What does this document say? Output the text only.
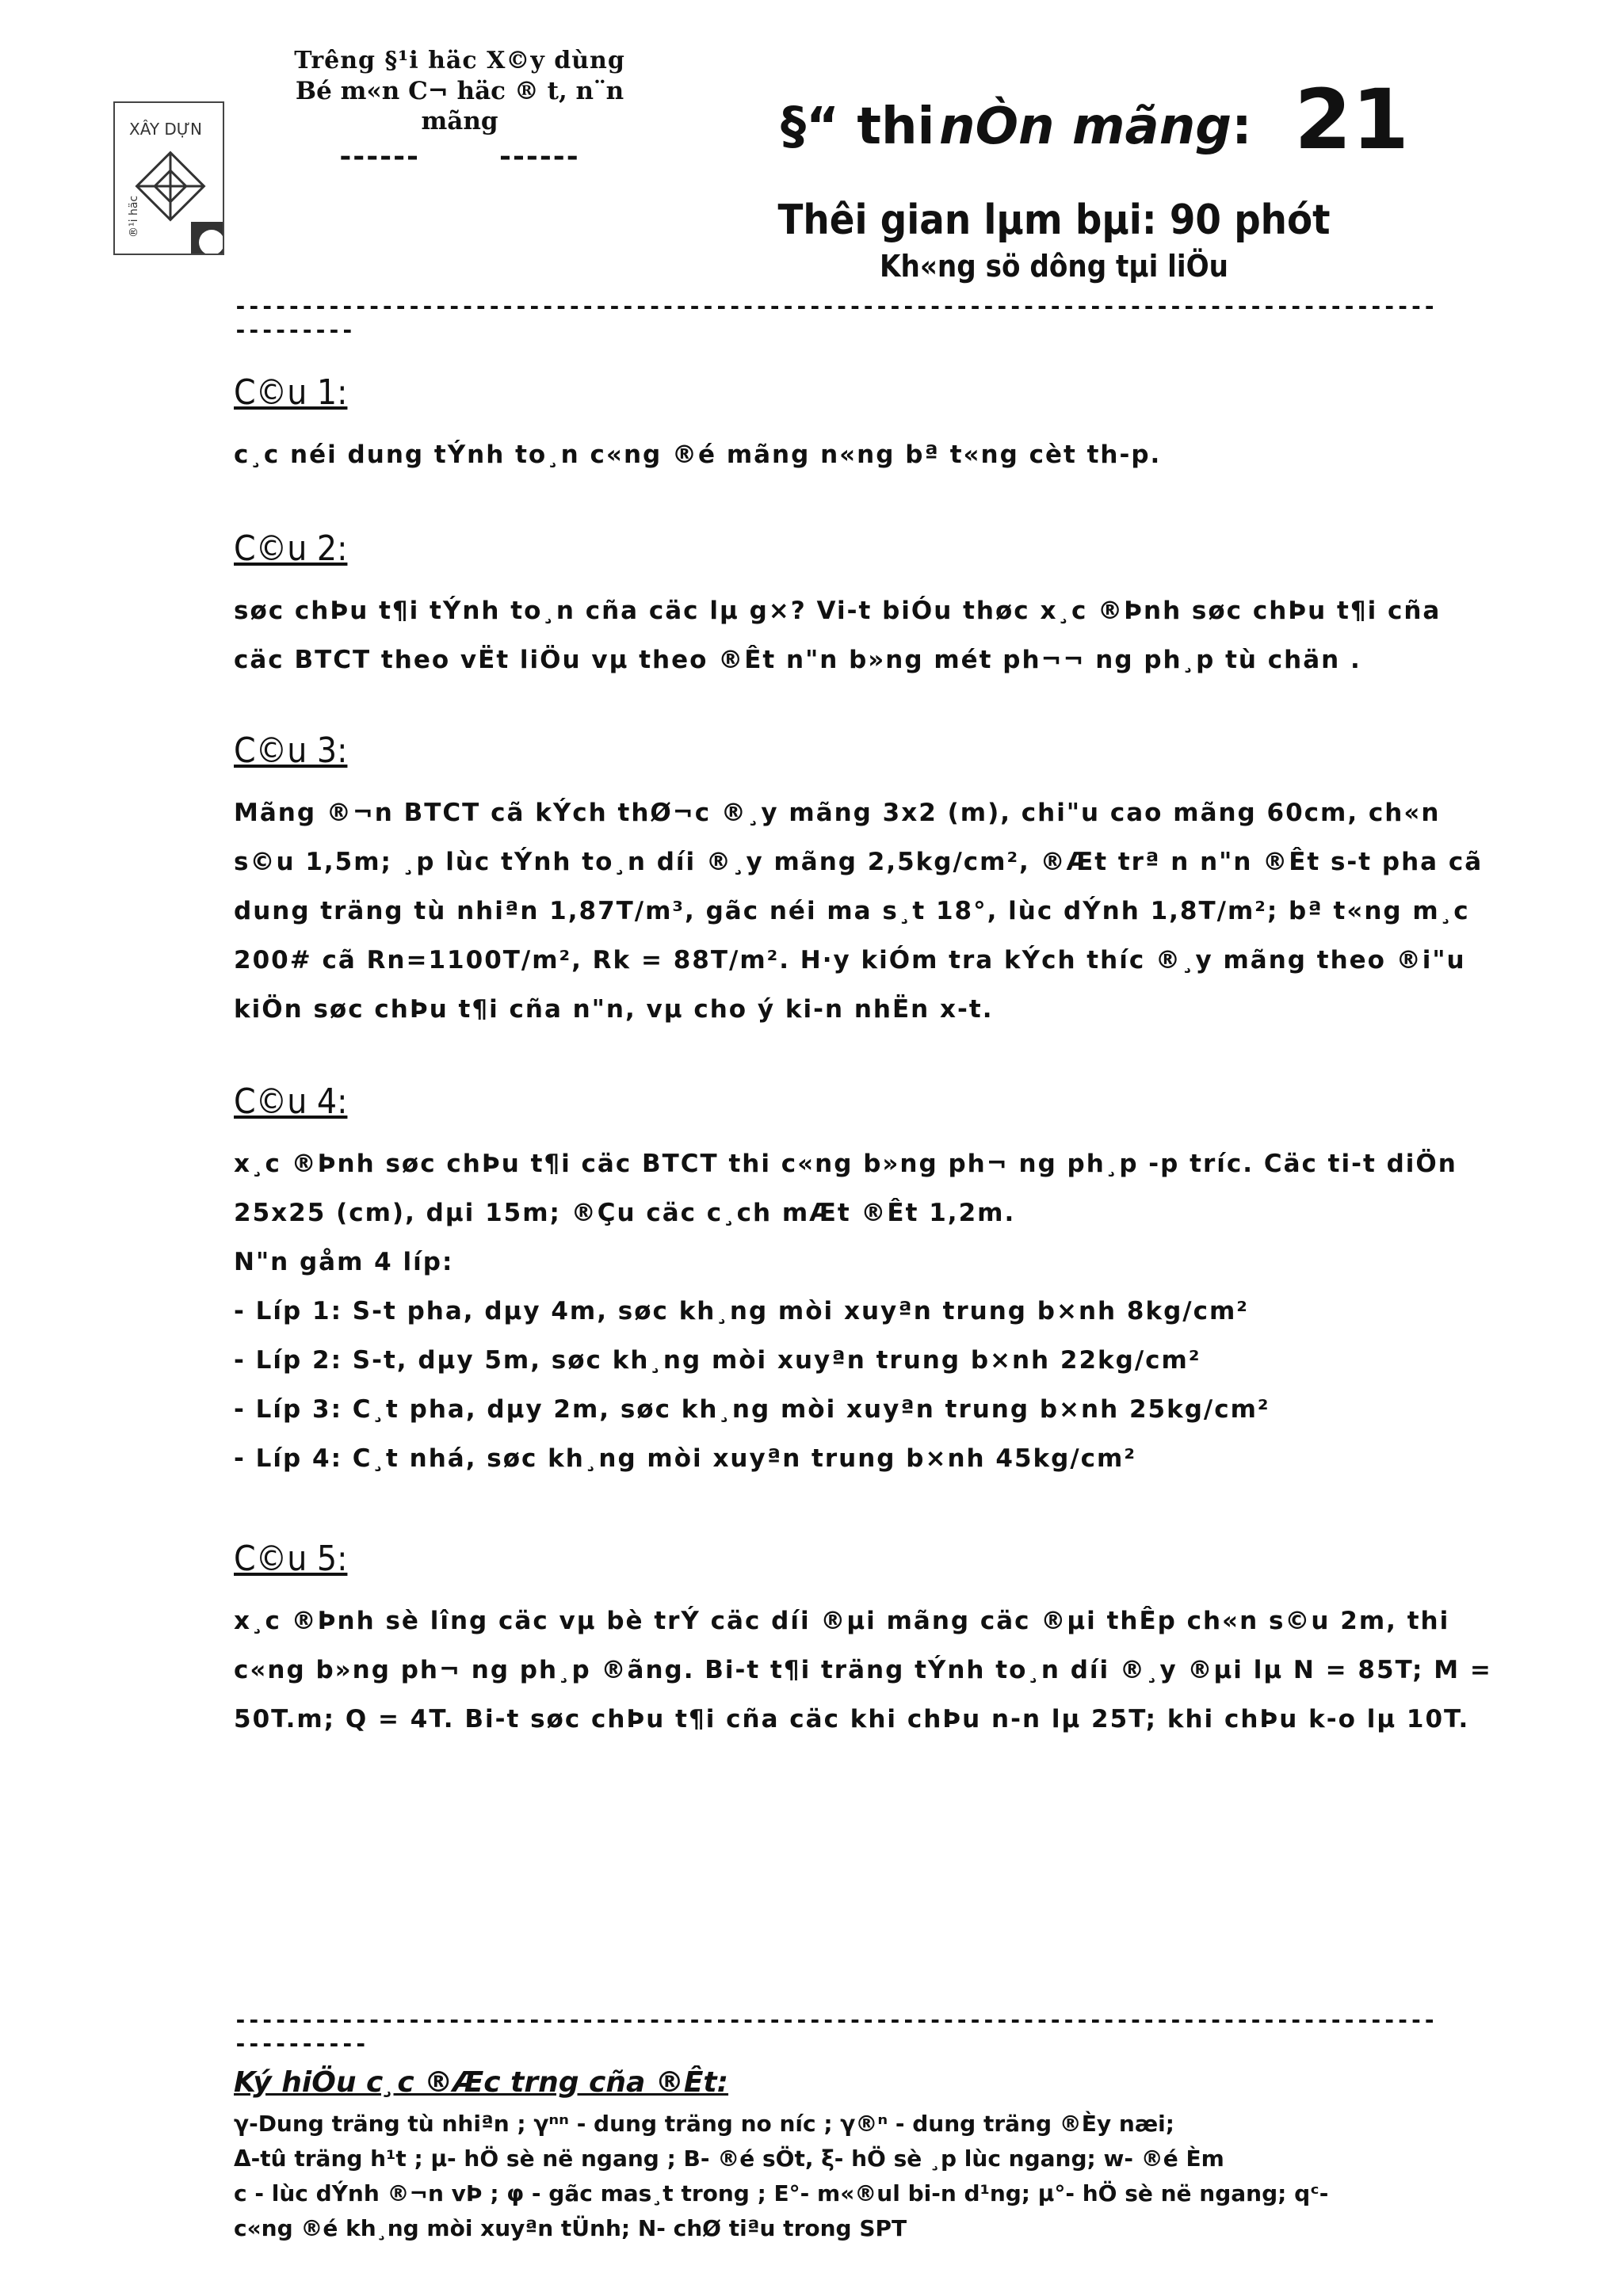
XÂY DỰN
®¹i häc
Trêng §¹i häc X©y dùng
Bé m«n C¬ häc ® t, n¨n mãng
------	------	§“ thi nÒn mãng: 21
Thêi gian lµm bµi: 90 phót
Kh«ng sö dông tµi liÖu
---------------------------------------------------------------------------------------------------
C©u 1:
c¸c néi dung tÝnh to¸n c«ng ®é mãng n«ng bª t«ng cèt th-p.
C©u 2:
søc chÞu t¶i tÝnh to¸n cña cäc lµ g×? Vi-t biÓu thøc x¸c ®Þnh søc chÞu t¶i cña
cäc BTCT theo vËt liÖu vµ theo ®Êt n"n b»ng mét ph¬¬ ng ph¸p tù chän .
C©u 3:
Mãng ®¬n BTCT cã kÝch thØ¬c ®¸y mãng 3x2 (m), chi"u cao mãng 60cm, ch«n
s©u 1,5m; ¸p lùc tÝnh to¸n díi ®¸y mãng 2,5kg/cm², ®Æt trª n n"n ®Êt s-t pha cã
dung träng tù nhiªn 1,87T/m³, gãc néi ma s¸t 18°, lùc dÝnh 1,8T/m²; bª t«ng m¸c
200# cã Rn=1100T/m², Rk = 88T/m². H·y kiÓm tra kÝch thíc ®¸y mãng theo ®i"u
kiÖn søc chÞu t¶i cña n"n, vµ cho ý ki-n nhËn x-t.
C©u 4:
x¸c ®Þnh søc chÞu t¶i cäc BTCT thi c«ng b»ng ph¬ ng ph¸p -p tríc. Cäc ti-t diÖn
25x25 (cm), dµi 15m; ®Çu cäc c¸ch mÆt ®Êt 1,2m.
N"n gåm 4 líp:
- Líp 1: S-t pha, dµy 4m, søc kh¸ng mòi xuyªn trung b×nh 8kg/cm²
- Líp 2: S-t, dµy 5m, søc kh¸ng mòi xuyªn trung b×nh 22kg/cm²
- Líp 3: C¸t pha, dµy 2m, søc kh¸ng mòi xuyªn trung b×nh 25kg/cm²
- Líp 4: C¸t nhá, søc kh¸ng mòi xuyªn trung b×nh 45kg/cm²
C©u 5:
x¸c ®Þnh sè lîng cäc vµ bè trÝ cäc díi ®µi mãng cäc ®µi thÊp ch«n s©u 2m, thi
c«ng b»ng ph¬ ng ph¸p ®ãng. Bi-t t¶i träng tÝnh to¸n díi ®¸y ®µi lµ N = 85T; M =
50T.m; Q = 4T. Bi-t søc chÞu t¶i cña cäc khi chÞu n-n lµ 25T; khi chÞu k-o lµ 10T.
----------------------------------------------------------------------------------------------------
Ký hiÖu c¸c ®Æc trng cña ®Êt:
γ-Dung träng tù nhiªn ; γⁿⁿ - dung träng no níc ; γ®ⁿ - dung träng ®Èy næi;
Δ-tû träng h¹t ; μ- hÖ sè në ngang ; B- ®é sÖt, ξ- hÖ sè ¸p lùc ngang; w- ®é Èm
c - lùc dÝnh ®¬n vÞ ; φ - gãc mas¸t trong ; E°- m«®ul bi-n d¹ng; μ°- hÖ sè në ngang; qᶜ-
c«ng ®é kh¸ng mòi xuyªn tÜnh; N- chØ tiªu trong SPT
